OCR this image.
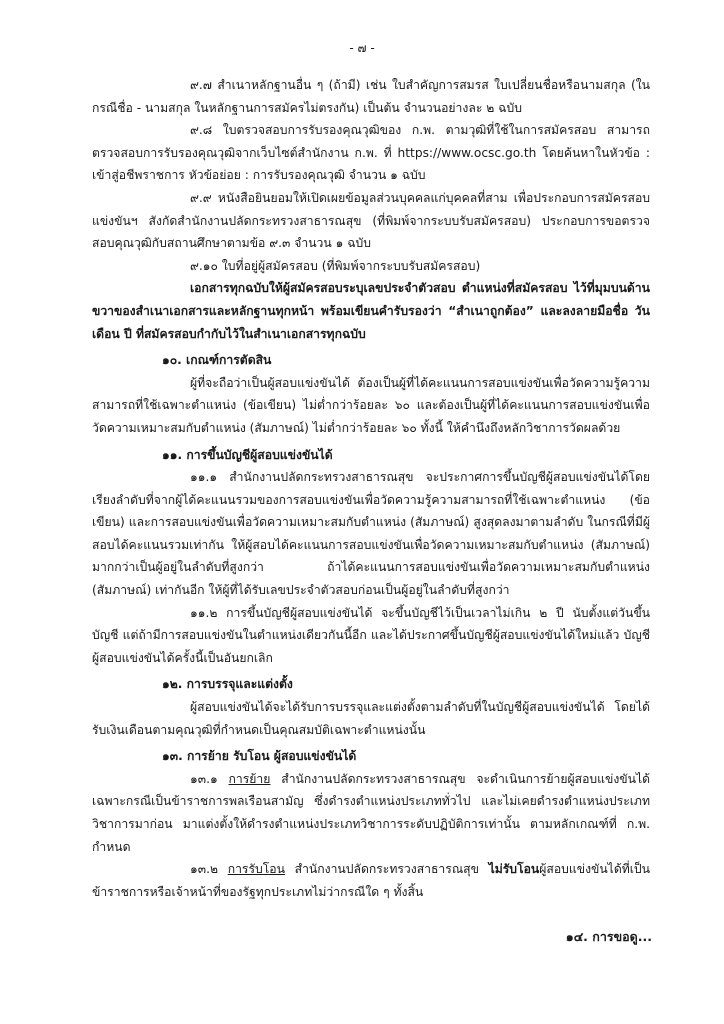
- ๗ -

๙.๗ สำเนาหลักฐานอื่น ๆ (ถ้ามี) เช่น ใบสำคัญการสมรส ใบเปลี่ยนชื่อหรือนามสกุล (ในกรณีชื่อ - นามสกุล ในหลักฐานการสมัครไม่ตรงกัน) เป็นต้น จำนวนอย่างละ ๒ ฉบับ

๙.๘ ใบตรวจสอบการรับรองคุณวุฒิของ ก.พ. ตามวุฒิที่ใช้ในการสมัครสอบ สามารถตรวจสอบการรับรองคุณวุฒิจากเว็บไซต์สำนักงาน ก.พ. ที่ https://www.ocsc.go.th โดยค้นหาในหัวข้อ : เข้าสู่อชีพราชการ หัวข้อย่อย : การรับรองคุณวุฒิ จำนวน ๑ ฉบับ

๙.๙ หนังสือยินยอมให้เปิดเผยข้อมูลส่วนบุคคลแก่บุคคลที่สาม เพื่อประกอบการสมัครสอบแข่งขันฯ สังกัดสำนักงานปลัดกระทรวงสาธารณสุข (ที่พิมพ์จากระบบรับสมัครสอบ) ประกอบการขอตรวจสอบคุณวุฒิกับสถานศึกษาตามข้อ ๙.๓ จำนวน ๑ ฉบับ

๙.๑๐ ใบที่อยู่ผู้สมัครสอบ (ที่พิมพ์จากระบบรับสมัครสอบ)

เอกสารทุกฉบับให้ผู้สมัครสอบระบุเลขประจำตัวสอบ ตำแหน่งที่สมัครสอบ ไว้ที่มุมบนด้านขวาของสำเนาเอกสารและหลักฐานทุกหน้า พร้อมเขียนคำรับรองว่า “สำเนาถูกต้อง” และลงลายมือชื่อ วัน เดือน ปี ที่สมัครสอบกำกับไว้ในสำเนาเอกสารทุกฉบับ

๑๐. เกณฑ์การตัดสิน

ผู้ที่จะถือว่าเป็นผู้สอบแข่งขันได้ ต้องเป็นผู้ที่ได้คะแนนการสอบแข่งขันเพื่อวัดความรู้ความสามารถที่ใช้เฉพาะตำแหน่ง (ข้อเขียน) ไม่ต่ำกว่าร้อยละ ๖๐ และต้องเป็นผู้ที่ได้คะแนนการสอบแข่งขันเพื่อวัดความเหมาะสมกับตำแหน่ง (สัมภาษณ์) ไม่ต่ำกว่าร้อยละ ๖๐ ทั้งนี้ ให้คำนึงถึงหลักวิชาการวัดผลด้วย

๑๑. การขึ้นบัญชีผู้สอบแข่งขันได้

๑๑.๑ สำนักงานปลัดกระทรวงสาธารณสุข จะประกาศการขึ้นบัญชีผู้สอบแข่งขันได้โดยเรียงลำดับที่จากผู้ได้คะแนนรวมของการสอบแข่งขันเพื่อวัดความรู้ความสามารถที่ใช้เฉพาะตำแหน่ง (ข้อเขียน) และการสอบแข่งขันเพื่อวัดความเหมาะสมกับตำแหน่ง (สัมภาษณ์) สูงสุดลงมาตามลำดับ ในกรณีที่มีผู้สอบได้คะแนนรวมเท่ากัน ให้ผู้สอบได้คะแนนการสอบแข่งขันเพื่อวัดความเหมาะสมกับตำแหน่ง (สัมภาษณ์) มากกว่าเป็นผู้อยู่ในลำดับที่สูงกว่า ถ้าได้คะแนนการสอบแข่งขันเพื่อวัดความเหมาะสมกับตำแหน่ง (สัมภาษณ์) เท่ากันอีก ให้ผู้ที่ได้รับเลขประจำตัวสอบก่อนเป็นผู้อยู่ในลำดับที่สูงกว่า

๑๑.๒ การขึ้นบัญชีผู้สอบแข่งขันได้ จะขึ้นบัญชีไว้เป็นเวลาไม่เกิน ๒ ปี นับตั้งแต่วันขึ้นบัญชี แต่ถ้ามีการสอบแข่งขันในตำแหน่งเดียวกันนี้อีก และได้ประกาศขึ้นบัญชีผู้สอบแข่งขันได้ใหม่แล้ว บัญชีผู้สอบแข่งขันได้ครั้งนี้เป็นอันยกเลิก

๑๒. การบรรจุและแต่งตั้ง

ผู้สอบแข่งขันได้จะได้รับการบรรจุและแต่งตั้งตามลำดับที่ในบัญชีผู้สอบแข่งขันได้ โดยได้รับเงินเดือนตามคุณวุฒิที่กำหนดเป็นคุณสมบัติเฉพาะตำแหน่งนั้น

๑๓. การย้าย รับโอน ผู้สอบแข่งขันได้

๑๓.๑ การย้าย สำนักงานปลัดกระทรวงสาธารณสุข จะดำเนินการย้ายผู้สอบแข่งขันได้เฉพาะกรณีเป็นข้าราชการพลเรือนสามัญ ซึ่งดำรงตำแหน่งประเภททั่วไป และไม่เคยดำรงตำแหน่งประเภทวิชาการมาก่อน มาแต่งตั้งให้ดำรงตำแหน่งประเภทวิชาการระดับปฏิบัติการเท่านั้น ตามหลักเกณฑ์ที่ ก.พ. กำหนด

๑๓.๒ การรับโอน สำนักงานปลัดกระทรวงสาธารณสุข ไม่รับโอนผู้สอบแข่งขันได้ที่เป็นข้าราชการหรือเจ้าหน้าที่ของรัฐทุกประเภทไม่ว่ากรณีใด ๆ ทั้งสิ้น

๑๔. การขอดู...
